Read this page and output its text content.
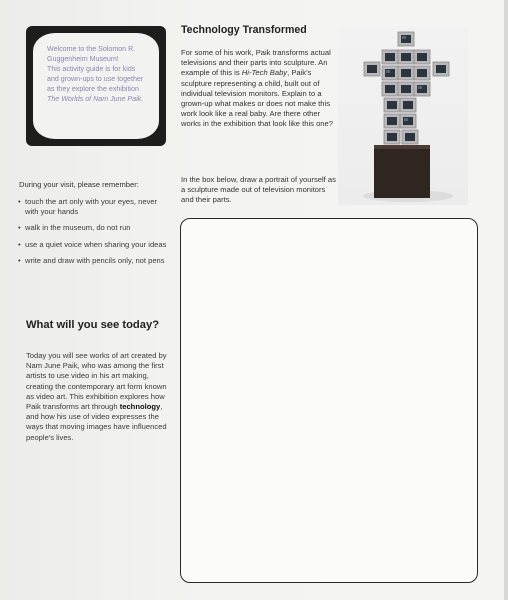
Welcome to the Solomon R.

Guggenheim Museum!

This activity guide is for kids

and grown-ups to use together

as they explore the exhibition

The Worlds of Nam June Paik.

During your visit, please remember:

• touch the art only with your eyes, never with your hands
• walk in the museum, do not run
• use a quiet voice when sharing your ideas
• write and draw with pencils only, not pens
What will you see today?

Today you will see works of art created by Nam June Paik, who was among the first artists to use video in his art making, creating the contemporary art form known as video art. This exhibition explores how Paik transforms art through technology, and how his use of video expresses the ways that moving images have influenced people's lives.

Technology Transformed

For some of his work, Paik transforms actual televisions and their parts into sculpture. An example of this is Hi-Tech Baby, Paik's sculpture representing a child, built out of individual television monitors. Explain to a grown-up what makes or does not make this work look like a real baby. Are there other works in the exhibition that look like this one?

In the box below, draw a portrait of yourself as a sculpture made out of television monitors and their parts.
